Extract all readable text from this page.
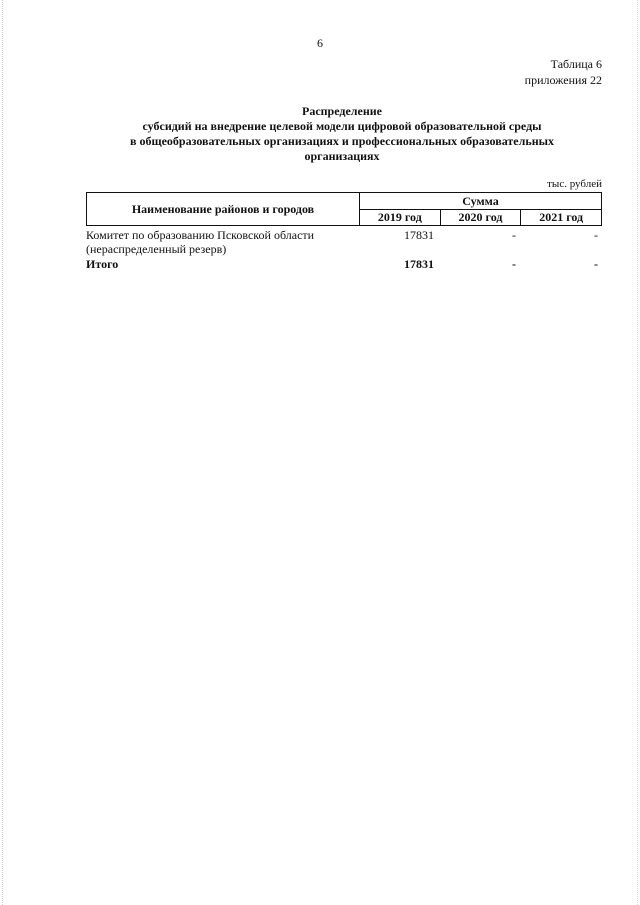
6
Таблица 6
приложения 22
Распределение
субсидий на внедрение целевой модели цифровой образовательной среды
в общеобразовательных организациях и профессиональных образовательных
организациях
тыс. рублей
Наименование районов и городов	Сумма		
	2019 год	2020 год	2021 год
Комитет по образованию Псковской области
(нераспределенный резерв)	17831	-	-
Итого	17831	-	-
